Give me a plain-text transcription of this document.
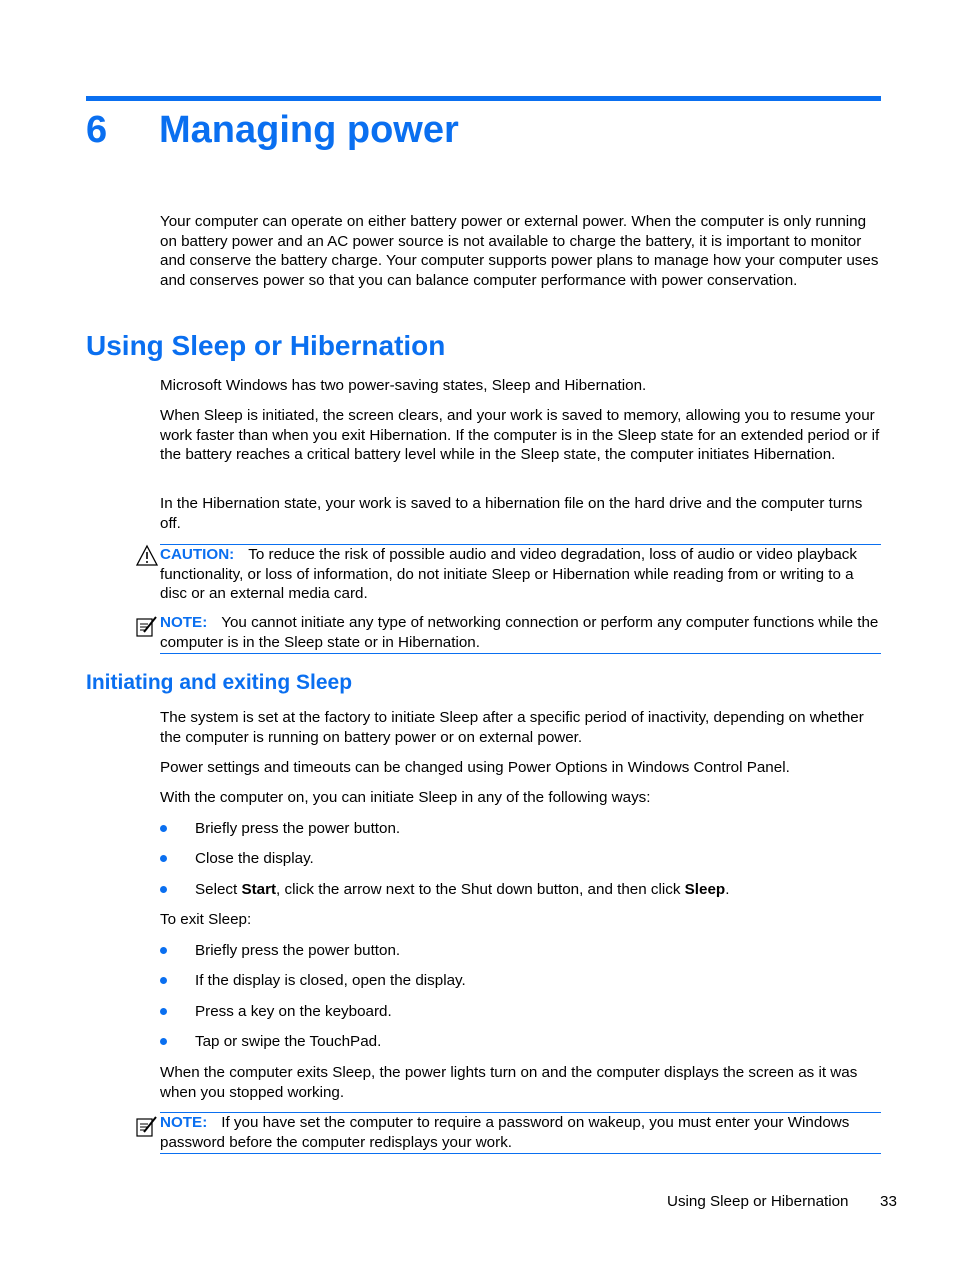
6 Managing power

Your computer can operate on either battery power or external power. When the computer is only running on battery power and an AC power source is not available to charge the battery, it is important to monitor and conserve the battery charge. Your computer supports power plans to manage how your computer uses and conserves power so that you can balance computer performance with power conservation.

Using Sleep or Hibernation

Microsoft Windows has two power-saving states, Sleep and Hibernation.

When Sleep is initiated, the screen clears, and your work is saved to memory, allowing you to resume your work faster than when you exit Hibernation. If the computer is in the Sleep state for an extended period or if the battery reaches a critical battery level while in the Sleep state, the computer initiates Hibernation.

In the Hibernation state, your work is saved to a hibernation file on the hard drive and the computer turns off.

CAUTION: To reduce the risk of possible audio and video degradation, loss of audio or video playback functionality, or loss of information, do not initiate Sleep or Hibernation while reading from or writing to a disc or an external media card.

NOTE: You cannot initiate any type of networking connection or perform any computer functions while the computer is in the Sleep state or in Hibernation.

Initiating and exiting Sleep

The system is set at the factory to initiate Sleep after a specific period of inactivity, depending on whether the computer is running on battery power or on external power.

Power settings and timeouts can be changed using Power Options in Windows Control Panel.

With the computer on, you can initiate Sleep in any of the following ways:

Briefly press the power button.
Close the display.
Select Start, click the arrow next to the Shut down button, and then click Sleep.

To exit Sleep:

Briefly press the power button.
If the display is closed, open the display.
Press a key on the keyboard.
Tap or swipe the TouchPad.

When the computer exits Sleep, the power lights turn on and the computer displays the screen as it was when you stopped working.

NOTE: If you have set the computer to require a password on wakeup, you must enter your Windows password before the computer redisplays your work.

Using Sleep or Hibernation 33
